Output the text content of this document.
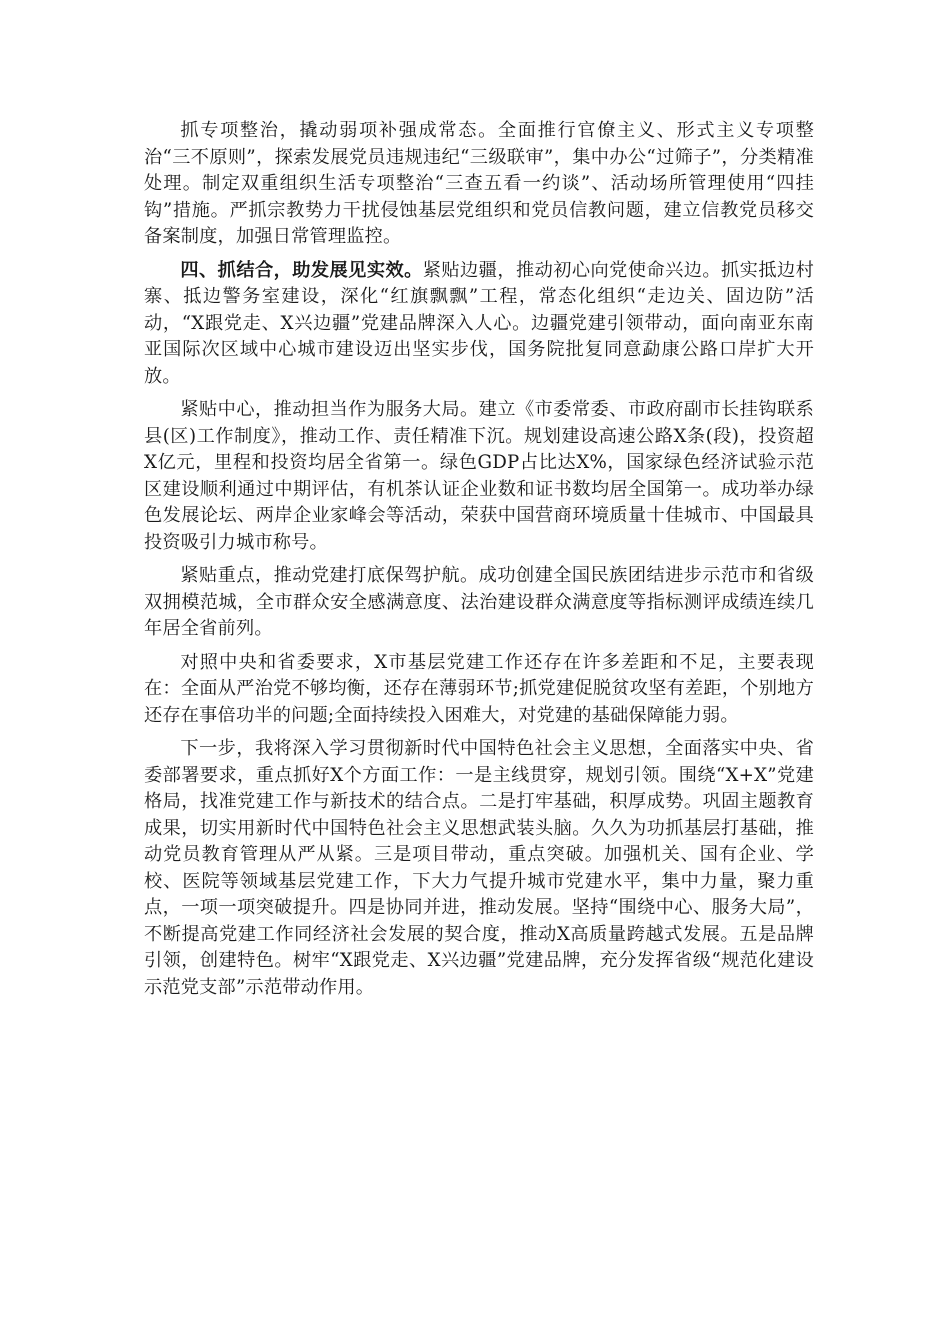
抓专项整治，撬动弱项补强成常态。全面推行官僚主义、形式主义专项整治“三不原则”，探索发展党员违规违纪“三级联审”，集中办公“过筛子”，分类精准处理。制定双重组织生活专项整治“三查五看一约谈”、活动场所管理使用“四挂钩”措施。严抓宗教势力干扰侵蚀基层党组织和党员信教问题，建立信教党员移交备案制度，加强日常管理监控。

四、抓结合，助发展见实效。紧贴边疆，推动初心向党使命兴边。抓实抵边村寨、抵边警务室建设，深化“红旗飘飘”工程，常态化组织“走边关、固边防”活动，“X跟党走、X兴边疆”党建品牌深入人心。边疆党建引领带动，面向南亚东南亚国际次区域中心城市建设迈出坚实步伐，国务院批复同意勐康公路口岸扩大开放。

紧贴中心，推动担当作为服务大局。建立《市委常委、市政府副市长挂钩联系县(区)工作制度》，推动工作、责任精准下沉。规划建设高速公路X条(段)，投资超X亿元，里程和投资均居全省第一。绿色GDP占比达X%，国家绿色经济试验示范区建设顺利通过中期评估，有机茶认证企业数和证书数均居全国第一。成功举办绿色发展论坛、两岸企业家峰会等活动，荣获中国营商环境质量十佳城市、中国最具投资吸引力城市称号。

紧贴重点，推动党建打底保驾护航。成功创建全国民族团结进步示范市和省级双拥模范城，全市群众安全感满意度、法治建设群众满意度等指标测评成绩连续几年居全省前列。

对照中央和省委要求，X市基层党建工作还存在许多差距和不足，主要表现在：全面从严治党不够均衡，还存在薄弱环节;抓党建促脱贫攻坚有差距，个别地方还存在事倍功半的问题;全面持续投入困难大，对党建的基础保障能力弱。

下一步，我将深入学习贯彻新时代中国特色社会主义思想，全面落实中央、省委部署要求，重点抓好X个方面工作：一是主线贯穿，规划引领。围绕“X+X”党建格局，找准党建工作与新技术的结合点。二是打牢基础，积厚成势。巩固主题教育成果，切实用新时代中国特色社会主义思想武装头脑。久久为功抓基层打基础，推动党员教育管理从严从紧。三是项目带动，重点突破。加强机关、国有企业、学校、医院等领域基层党建工作，下大力气提升城市党建水平，集中力量，聚力重点，一项一项突破提升。四是协同并进，推动发展。坚持“围绕中心、服务大局”，不断提高党建工作同经济社会发展的契合度，推动X高质量跨越式发展。五是品牌引领，创建特色。树牢“X跟党走、X兴边疆”党建品牌，充分发挥省级“规范化建设示范党支部”示范带动作用。
